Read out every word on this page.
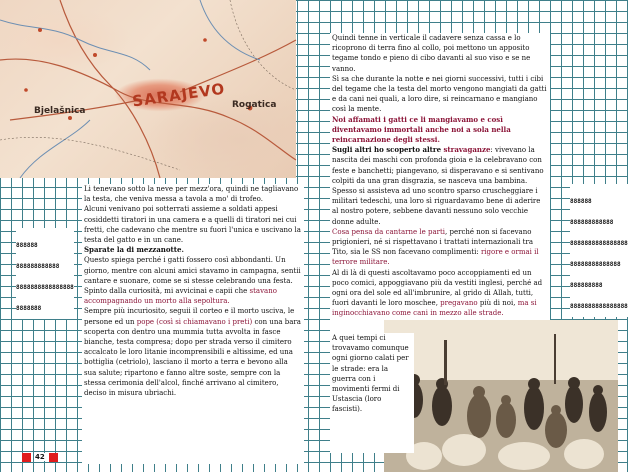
SARAJEVO
Bjelašnica
Rogatica

888888

888888888888

8888888888888888

8888888

888888

888888888888

8888888888888888

88888888888888

888888888

8888888888888888

Li tenevano sotto la neve per mezz'ora, quindi ne tagliavano la testa, che veniva messa a tavola a mo' di trofeo.

Alcuni venivano poi sotterrati assieme a soldati appesi cosiddetti tiratori in una camera e a quelli di tiratori nei cui fretti, che cadevano che mentre su fuori l'unica e uscivano la testa del gatto e in un cane.

Sparate la di mezzanotte.

Questo spiega perché i gatti fossero così abbondanti. Un giorno, mentre con alcuni amici stavamo in campagna, sentii cantare e suonare, come se si stesse celebrando una festa.

Spinto dalla curiosità, mi avvicinai e capii che stavano accompagnando un morto alla sepoltura.

Sempre più incuriosito, seguii il corteo e il morto usciva, le persone ed un pope (così si chiamavano i preti) con una bara scoperta con dentro una mummia tutta avvolta in fasce bianche, testa compresa; dopo per strada verso il cimitero accalcato le loro litanie incomprensibili e altissime, ed una bottiglia (cetriolo), lasciano il morto a terra e bevono alla sua salute; ripartono e fanno altre soste, sempre con la stessa cerimonia dell'alcol, finché arrivano al cimitero, deciso in misura ubriachi.

Quindi tenne in verticale il cadavere senza cassa e lo ricoprono di terra fino al collo, poi mettono un apposito tegame tondo e pieno di cibo davanti al suo viso e se ne vanno.

Sì sa che durante la notte e nei giorni successivi, tutti i cibi del tegame che la testa del morto vengono mangiati da gatti e da cani nei quali, a loro dire, si reincarnano e mangiano così la mente.

Noi affamati i gatti ce li mangiavamo e così diventavamo immortali anche noi a sola nella reincarnazione degli stessi.

Sugli altri ho scoperto altre stravaganze: vivevano la nascita dei maschi con profonda gioia e la celebravano con feste e banchetti; piangevano, si disperavano e si sentivano colpiti da una gran disgrazia, se nasceva una bambina.

Spesso si assisteva ad uno scontro sparso cruscheggiare i militari tedeschi, una loro sì riguardavamo bene di aderire al nostro potere, sebbene davanti nessuno solo vecchie donne adulte.

Cosa pensa da cantarne le parti, perché non si facevano prigionieri, né si rispettavano i trattati internazionali tra Tito, sia le SS non facevano complimenti: rigore e ormai il terrore militare.

Al di là di questi ascoltavamo poco accoppiamenti ed un poco comici, appoggiavano più da vestiti inglesi, perché ad ogni ora del sole ed all'imbrunire, al grido di Allah, tutti, fuori davanti le loro moschee, pregavano più di noi, ma si inginocchiavano come cani in mezzo alle strade.

A quei tempi ci trovavamo comunque ogni giorno calati per le strade: era la guerra con i movimenti fermi di Ustascia (loro fascisti).

42
